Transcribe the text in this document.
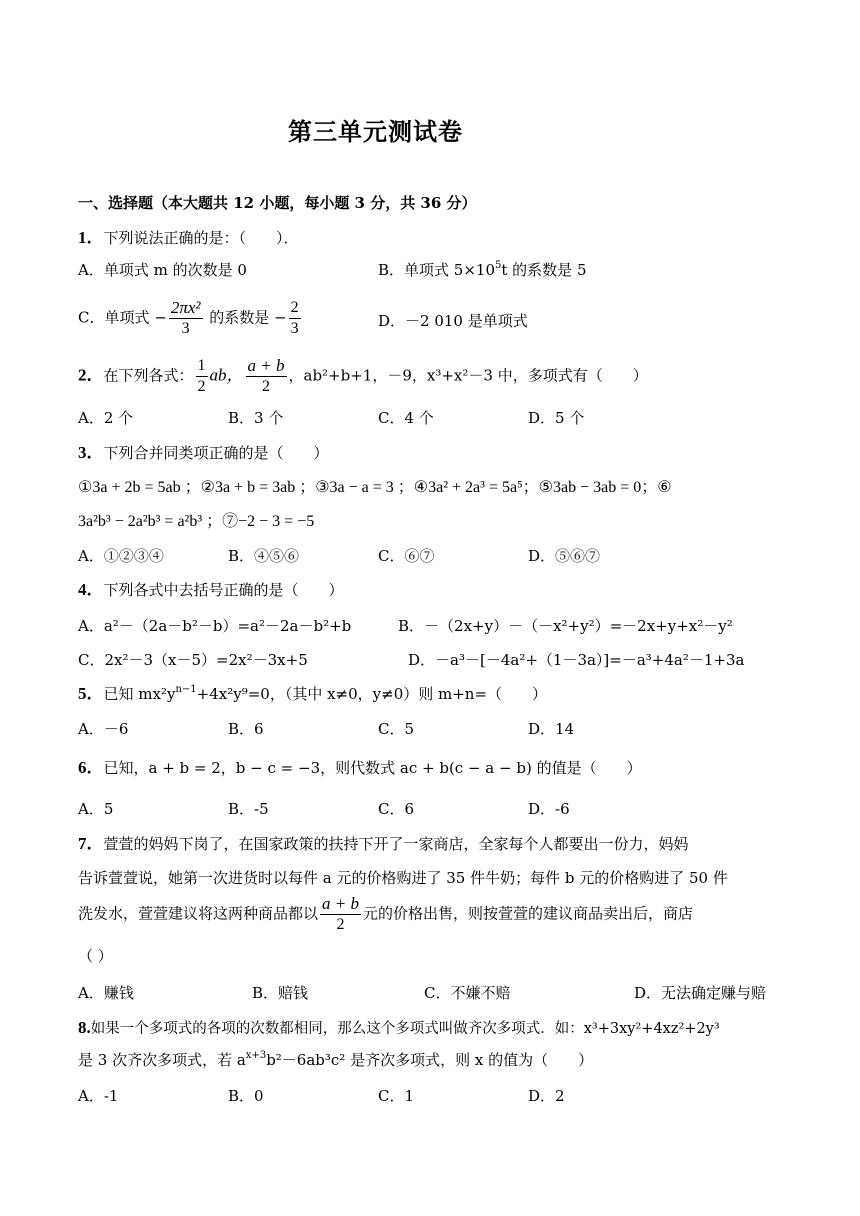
第三单元测试卷
一、选择题（本大题共 12 小题，每小题 3 分，共 36 分）
1．下列说法正确的是：（　　）．
A．单项式 m 的次数是 0	B．单项式 $5\times 10^5t$ 的系数是 5
C．单项式 − $\frac{\text{2πx²}}{3}$ 的系数是 − $\frac{2}{3}$	D．－2 010 是单项式
2．在下列各式： $\frac{1}{2}$ ab， $\frac{a + b}{2}$ ，ab²+b+1，－9，x³+x²－3 中，多项式有（　　）
A．2 个	B．3 个	C．4 个	D．5 个
3．下列合并同类项正确的是（　　）
①3a + 2b = 5ab ；②3a + b = 3ab ；③3a − a = 3 ；④3a² + 2a³ = 5a⁵；⑤3ab − 3ab = 0；⑥
3a²b³ − 2a²b³ = a²b³ ；⑦−2 − 3 = −5
A．①②③④	B．④⑤⑥	C．⑥⑦	D．⑤⑥⑦
4．下列各式中去括号正确的是（　　）
A．a²－（2a－b²－b）=a²－2a－b²+b	B．－（2x+y）－（－x²+y²）=－2x+y+x²－y²
C．2x²－3（x－5）=2x²－3x+5	D．－a³－[－4a²+（1－3a）]=－a³+4a²－1+3a
5．已知 $mx^2y^{n-1}+4x^2y^9=0$，（其中 x≠0，y≠0）则 m+n=（　　）
A．－6	B．6	C．5	D．14
6．已知，a + b = 2，b − c = −3，则代数式 ac + b(c − a − b) 的值是（　　）
A．5	B．-5	C．6	D．-6
7．萱萱的妈妈下岗了，在国家政策的扶持下开了一家商店，全家每个人都要出一份力，妈妈
告诉萱萱说，她第一次进货时以每件 a 元的价格购进了 35 件牛奶；每件 b 元的价格购进了 50 件
洗发水，萱萱建议将这两种商品都以 $\frac{a + b}{2}$ 元的价格出售，则按萱萱的建议商品卖出后，商店
（ ）
A．赚钱	B．赔钱	C．不嫌不赔	D．无法确定赚与赔
8.如果一个多项式的各项的次数都相同，那么这个多项式叫做齐次多项式．如：x³+3xy²+4xz²+2y³
是 3 次齐次多项式，若 $a^{x+3}b^2-6ab^3c^2$ 是齐次多项式，则 x 的值为（　　）
A．-1	B．0	C．1	D．2
